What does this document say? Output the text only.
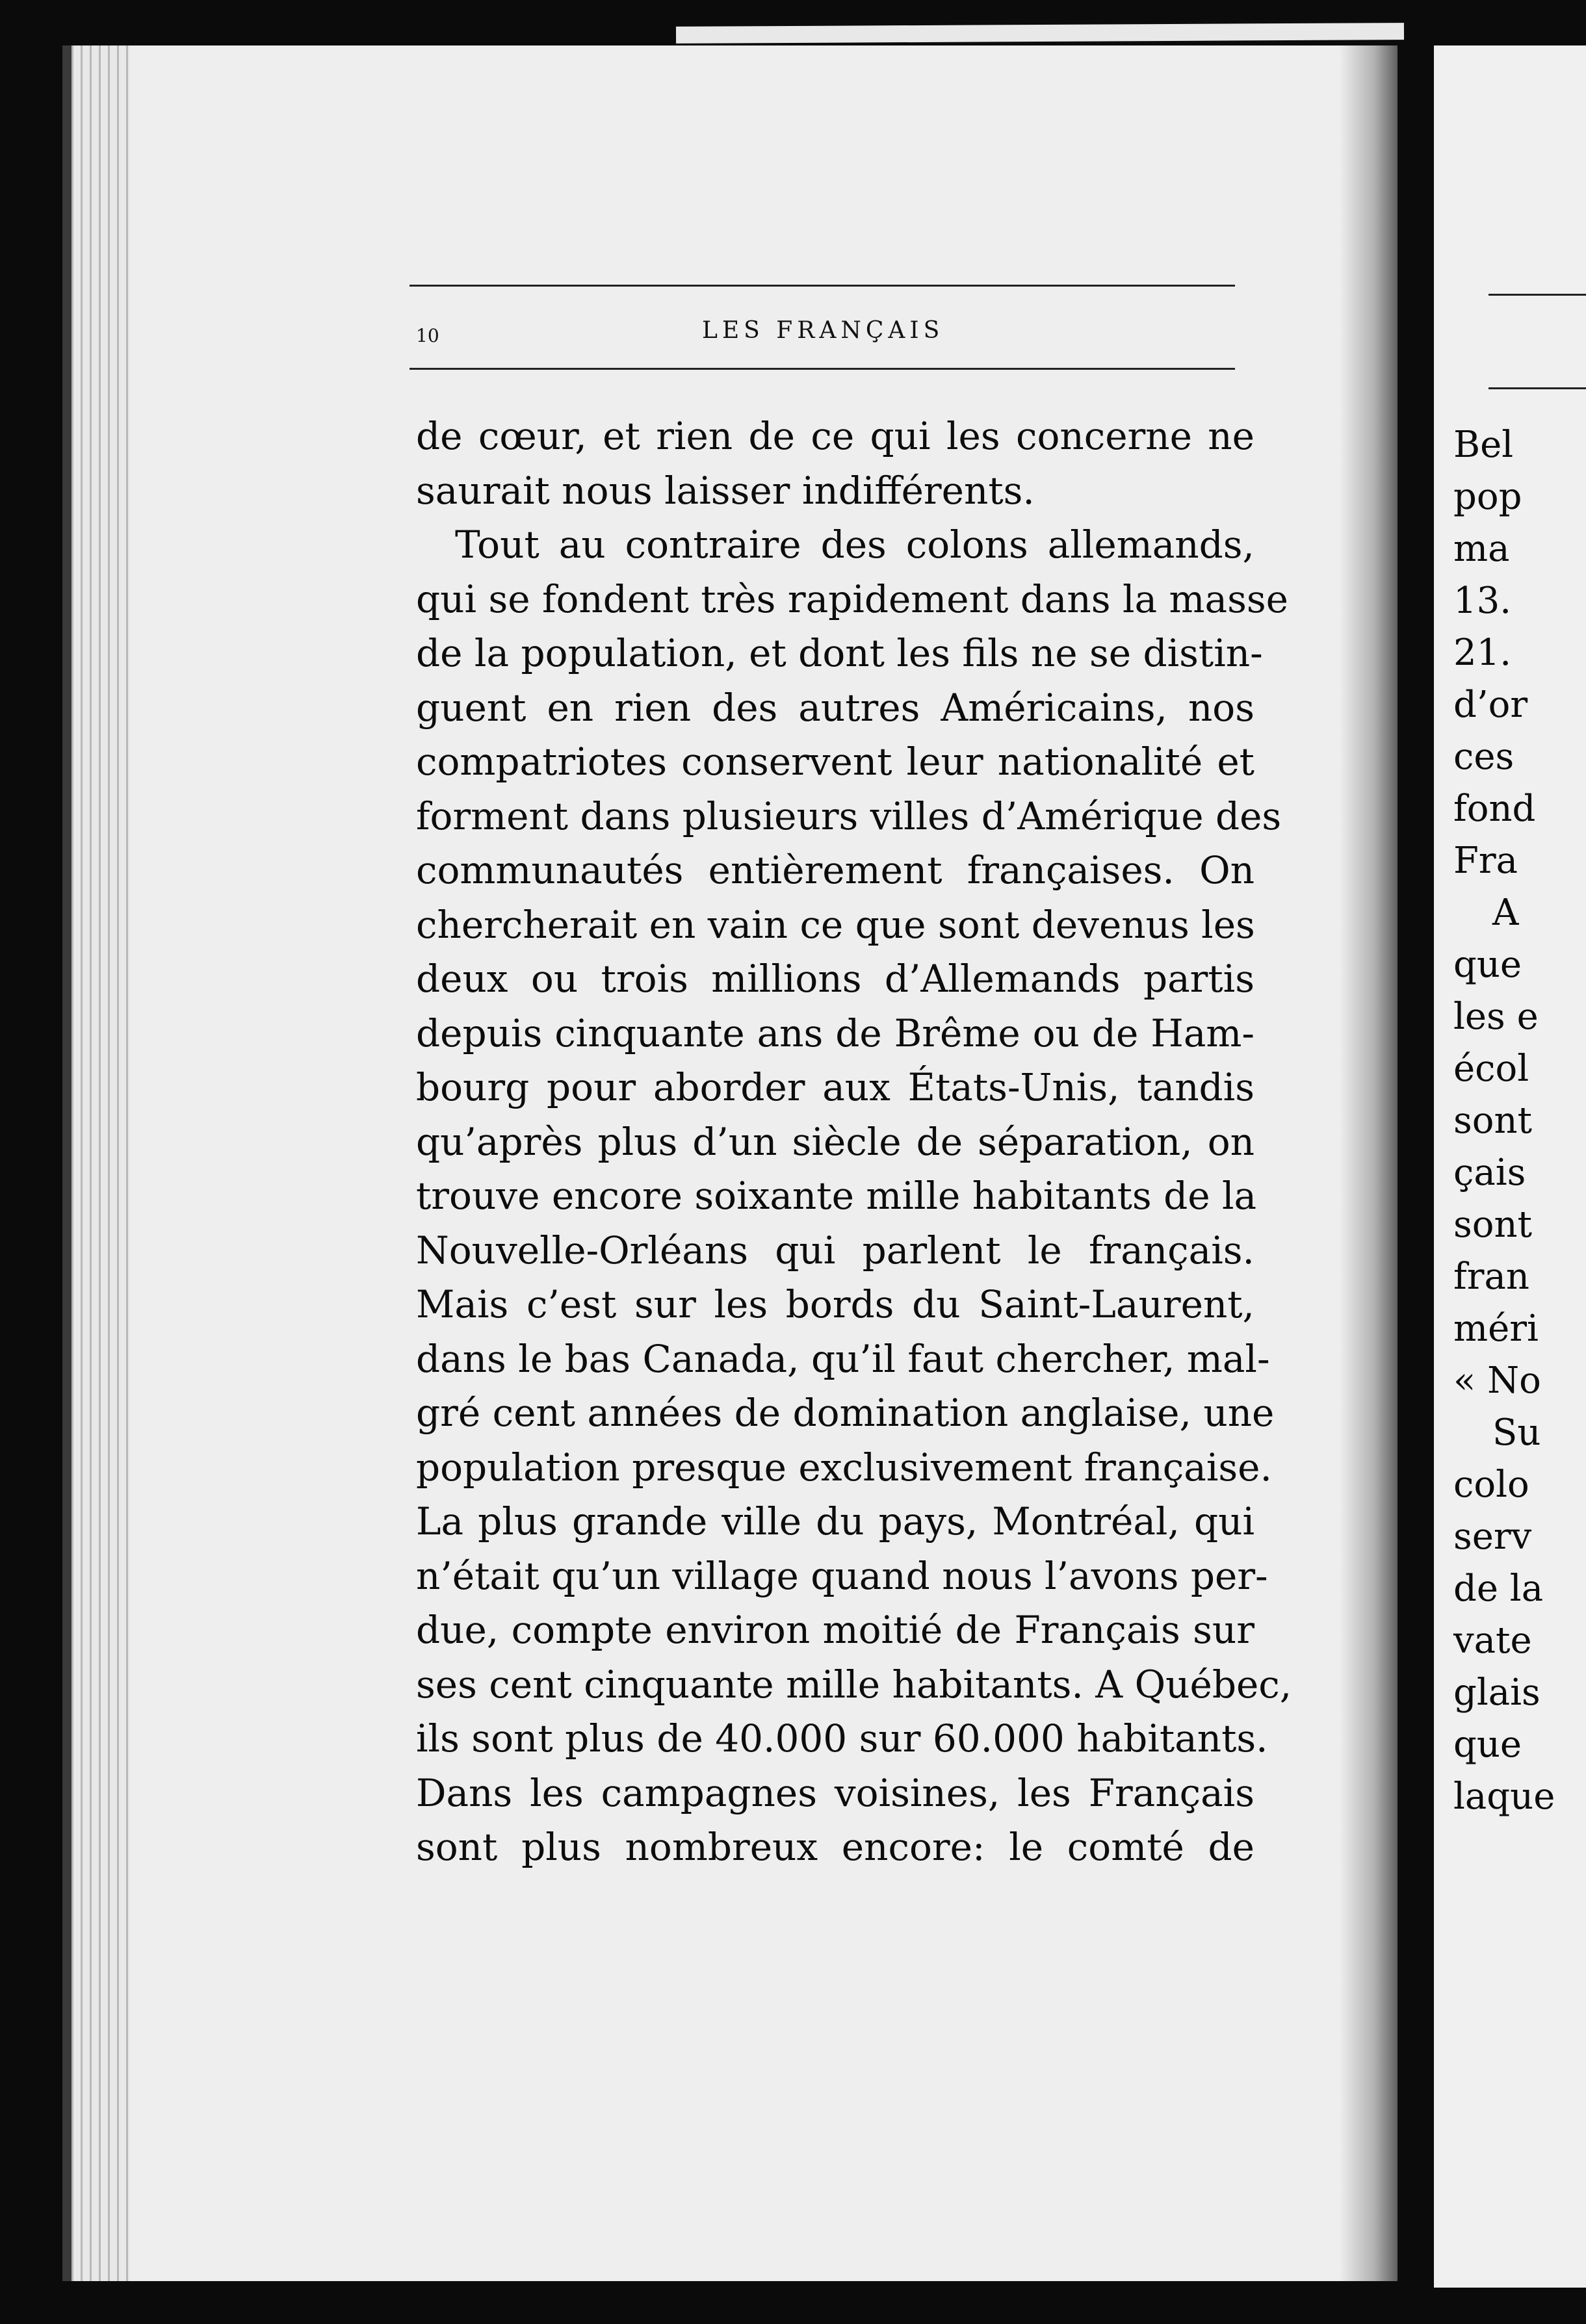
10	LES FRANÇAIS
de cœur, et rien de ce qui les concerne ne
saurait nous laisser indifférents.
Tout au contraire des colons allemands,
qui se fondent très rapidement dans la masse
de la population, et dont les fils ne se distin-
guent en rien des autres Américains, nos
compatriotes conservent leur nationalité et
forment dans plusieurs villes d’Amérique des
communautés entièrement françaises. On
chercherait en vain ce que sont devenus les
deux ou trois millions d’Allemands partis
depuis cinquante ans de Brême ou de Ham-
bourg pour aborder aux États-Unis, tandis
qu’après plus d’un siècle de séparation, on
trouve encore soixante mille habitants de la
Nouvelle-Orléans qui parlent le français.
Mais c’est sur les bords du Saint-Laurent,
dans le bas Canada, qu’il faut chercher, mal-
gré cent années de domination anglaise, une
population presque exclusivement française.
La plus grande ville du pays, Montréal, qui
n’était qu’un village quand nous l’avons per-
due, compte environ moitié de Français sur
ses cent cinquante mille habitants. A Québec,
ils sont plus de 40.000 sur 60.000 habitants.
Dans les campagnes voisines, les Français
sont plus nombreux encore: le comté de
Bel
pop
ma
13.
21.
d’or
ces
fond
Fra
A
que
les e
écol
sont
çais
sont
fran
méri
« No
Su
colo
serv
de la
vate
glais
que
laque
